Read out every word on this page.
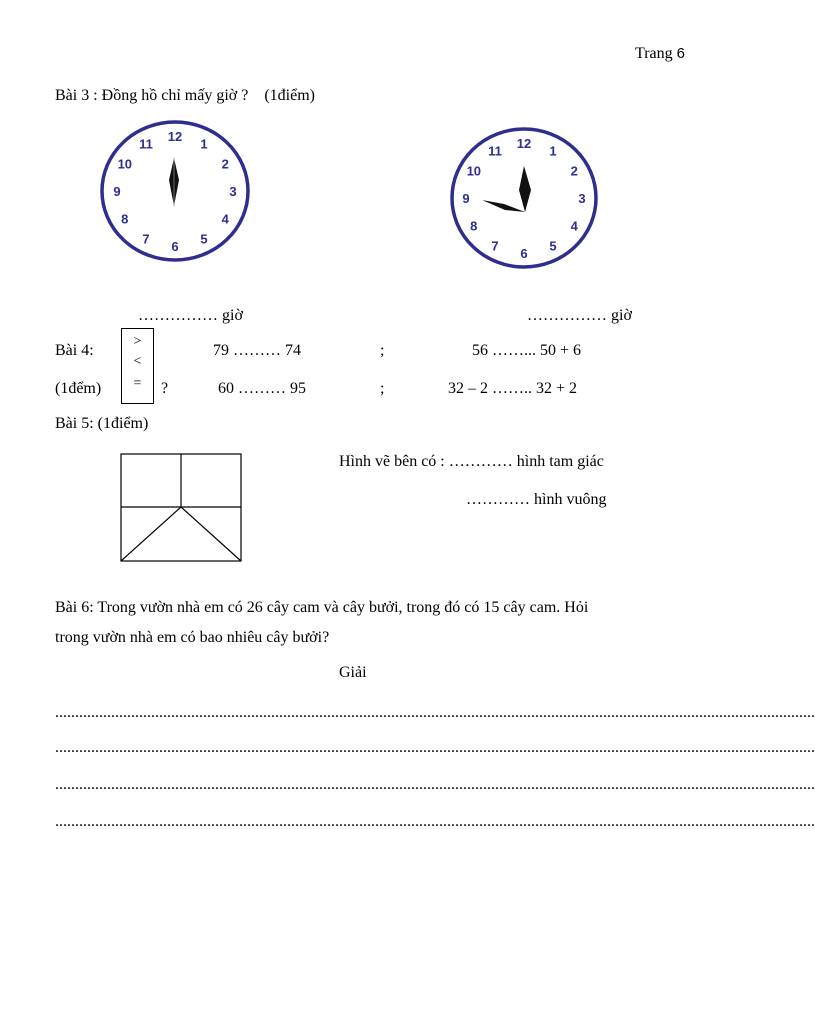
Trang 6
Bài 3 : Đồng hồ chỉ mấy giờ ? (1điểm)
12 1
2
3
4
5
6
7
8
9
10
11	12 1
2
3
4
5
6
7
8
9
10
11
…………… giờ	…………… giờ
Bài 4:
(1đểm)
>
<
=	?
79 ……… 74	;	56 ……... 50 + 6
60 ……… 95	;	32 – 2 …….. 32 + 2
Bài 5: (1điểm)
Hình vẽ bên có : ………… hình tam giác
………… hình vuông
Bài 6: Trong vườn nhà em có 26 cây cam và cây bưởi, trong đó có 15 cây cam. Hỏi
trong vườn nhà em có bao nhiêu cây bưởi?
Giải
..............................................................................................................................................................................................
..............................................................................................................................................................................................
..............................................................................................................................................................................................
..............................................................................................................................................................................................
